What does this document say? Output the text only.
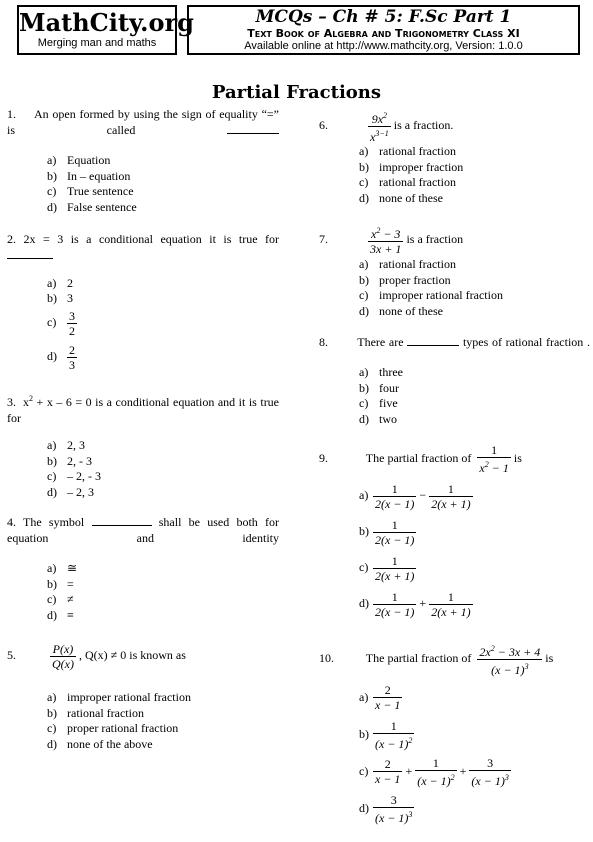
MathCity.org
Merging man and maths
MCQs – Ch # 5: F.Sc Part 1
Text Book of Algebra and Trigonometry Class XI
Available online at http://www.mathcity.org, Version: 1.0.0
Partial Fractions
1. An open formed by using the sign of equality “=” is called
a) Equation
b) In – equation
c) True sentence
d) False sentence
2. 2x = 3 is a conditional equation it is true for
a) 2
b) 3
c)	3
2
d)	2
3
3. $x^2 + x - 6 = 0$ is a conditional equation and it is true for
a) 2, 3
b) 2, - 3
c) – 2, - 3
d) – 2, 3
4. The symbol	shall be used both for equation and identity
a) ≅
b) =
c) ≠
d) ≡
5.	$\frac{P(x)}{Q(x)}$ , Q(x) ≠ 0 is known as
a) improper rational fraction
b) rational fraction
c) proper rational fraction
d) none of the above
6.	$\frac{9x^2}{x^{3-1}}$ is a fraction.
a) rational fraction
b) improper fraction
c) rational fraction
d) none of these
7.	$\frac{x^2 - 3}{3x + 1}$ is a fraction
a) rational fraction
b) proper fraction
c) improper rational fraction
d) none of these
8. There are	types of rational fraction .
a) three
b) four
c) five
d) two
9.	The partial fraction of $\frac{1}{x^2 - 1}$ is
a)	1
2(x − 1)
− $\frac{1}{2(x + 1)}$
b)	1
2(x − 1)
c)	1
2(x + 1)
d)	1
2(x − 1)
+ $\frac{1}{2(x + 1)}$
10.	The partial fraction of $\frac{2x^2 - 3x + 4}{(x - 1)^3}$ is
a)	2
x − 1
b)
1
$(x - 1)^2$
c)	2
x − 1
+ $\frac{1}{(x - 1)^2} + \frac{3}{(x - 1)^3}$
d)
3
$(x - 1)^3$
